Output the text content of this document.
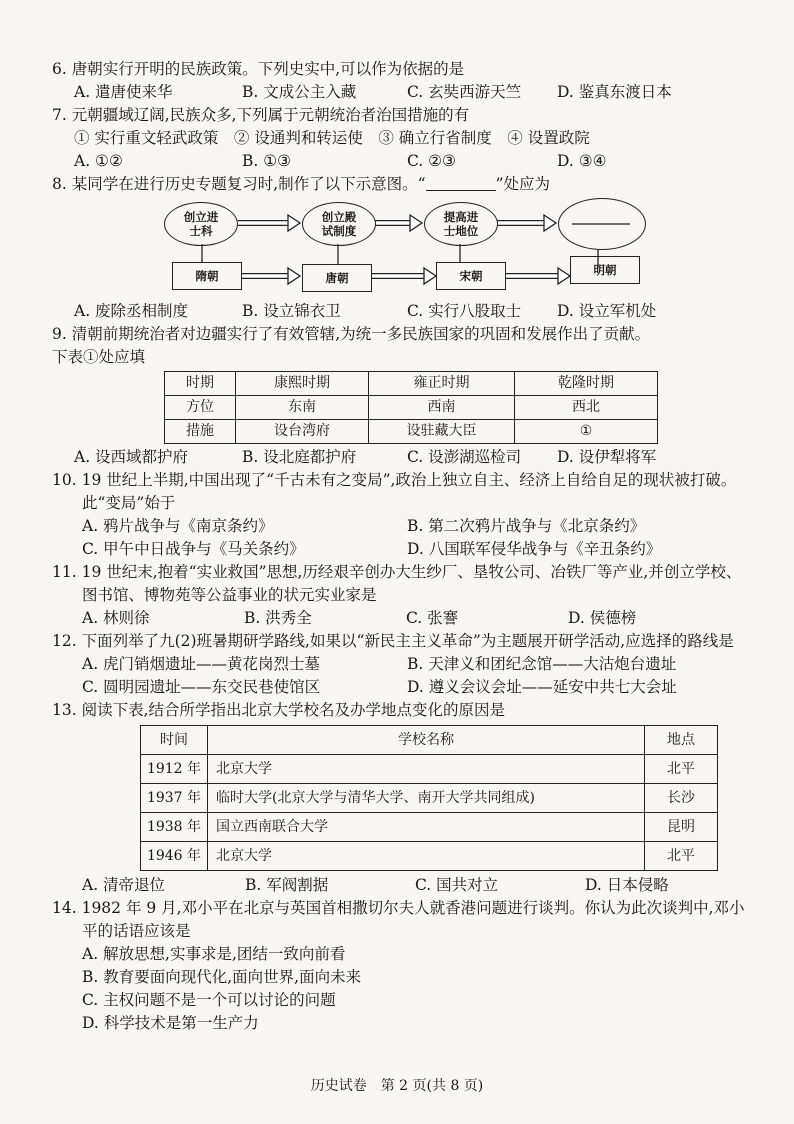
6. 唐朝实行开明的民族政策。下列史实中,可以作为依据的是
A. 遣唐使来华	B. 文成公主入藏	C. 玄奘西游天竺	D. 鉴真东渡日本
7. 元朝疆域辽阔,民族众多,下列属于元朝统治者治国措施的有
① 实行重文轻武政策　② 设通判和转运使　③ 确立行省制度　④ 设置政院
A. ①②	B. ①③	C. ②③	D. ③④
8. 某同学在进行历史专题复习时,制作了以下示意图。“	”处应为
创立进士科
创立殿试制度
提高进士地位
隋朝	唐朝	宋朝	明朝
A. 废除丞相制度	B. 设立锦衣卫	C. 实行八股取士	D. 设立军机处
9. 清朝前期统治者对边疆实行了有效管辖,为统一多民族国家的巩固和发展作出了贡献。
下表①处应填
时期	康熙时期	雍正时期	乾隆时期
方位	东南	西南	西北
措施	设台湾府	设驻藏大臣	①
A. 设西域都护府	B. 设北庭都护府	C. 设澎湖巡检司	D. 设伊犁将军
10. 19 世纪上半期,中国出现了“千古未有之变局”,政治上独立自主、经济上自给自足的现状被打破。此“变局”始于
A. 鸦片战争与《南京条约》	B. 第二次鸦片战争与《北京条约》
C. 甲午中日战争与《马关条约》	D. 八国联军侵华战争与《辛丑条约》
11. 19 世纪末,抱着“实业救国”思想,历经艰辛创办大生纱厂、垦牧公司、冶铁厂等产业,并创立学校、图书馆、博物苑等公益事业的状元实业家是
A. 林则徐	B. 洪秀全	C. 张謇	D. 侯德榜
12. 下面列举了九(2)班暑期研学路线,如果以“新民主主义革命”为主题展开研学活动,应选择的路线是
A. 虎门销烟遗址——黄花岗烈士墓	B. 天津义和团纪念馆——大沽炮台遗址
C. 圆明园遗址——东交民巷使馆区	D. 遵义会议会址——延安中共七大会址
13. 阅读下表,结合所学指出北京大学校名及办学地点变化的原因是
时间	学校名称	地点
1912 年	北京大学	北平
1937 年	临时大学(北京大学与清华大学、南开大学共同组成)	长沙
1938 年	国立西南联合大学	昆明
1946 年	北京大学	北平
A. 清帝退位	B. 军阀割据	C. 国共对立	D. 日本侵略
14. 1982 年 9 月,邓小平在北京与英国首相撒切尔夫人就香港问题进行谈判。你认为此次谈判中,邓小平的话语应该是
A. 解放思想,实事求是,团结一致向前看
B. 教育要面向现代化,面向世界,面向未来
C. 主权问题不是一个可以讨论的问题
D. 科学技术是第一生产力
历史试卷　第 2 页(共 8 页)
